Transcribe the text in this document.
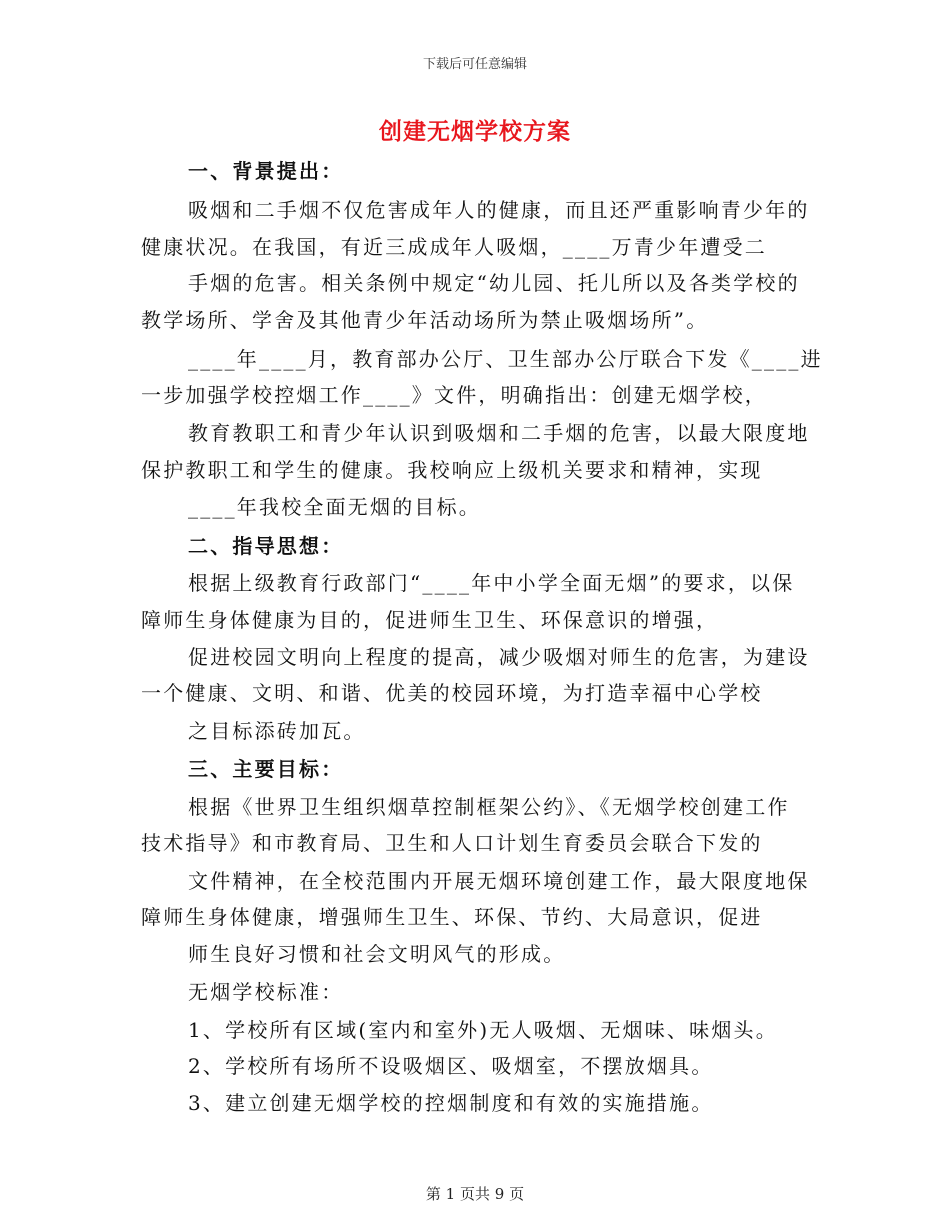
下载后可任意编辑
创建无烟学校方案
一、背景提出：
吸烟和二手烟不仅危害成年人的健康，而且还严重影响青少年的
健康状况。在我国，有近三成成年人吸烟，____万青少年遭受二
手烟的危害。相关条例中规定“幼儿园、托儿所以及各类学校的
教学场所、学舍及其他青少年活动场所为禁止吸烟场所”。
____年____月，教育部办公厅、卫生部办公厅联合下发《____进
一步加强学校控烟工作____》文件，明确指出：创建无烟学校，
教育教职工和青少年认识到吸烟和二手烟的危害，以最大限度地
保护教职工和学生的健康。我校响应上级机关要求和精神，实现
____年我校全面无烟的目标。
二、指导思想：
根据上级教育行政部门“____年中小学全面无烟”的要求，以保
障师生身体健康为目的，促进师生卫生、环保意识的增强，
促进校园文明向上程度的提高，减少吸烟对师生的危害，为建设
一个健康、文明、和谐、优美的校园环境，为打造幸福中心学校
之目标添砖加瓦。
三、主要目标：
根据《世界卫生组织烟草控制框架公约》、《无烟学校创建工作
技术指导》和市教育局、卫生和人口计划生育委员会联合下发的
文件精神，在全校范围内开展无烟环境创建工作，最大限度地保
障师生身体健康，增强师生卫生、环保、节约、大局意识，促进
师生良好习惯和社会文明风气的形成。
无烟学校标准：
1、学校所有区域(室内和室外)无人吸烟、无烟味、味烟头。
2、学校所有场所不设吸烟区、吸烟室，不摆放烟具。
3、建立创建无烟学校的控烟制度和有效的实施措施。
第 1 页共 9 页
